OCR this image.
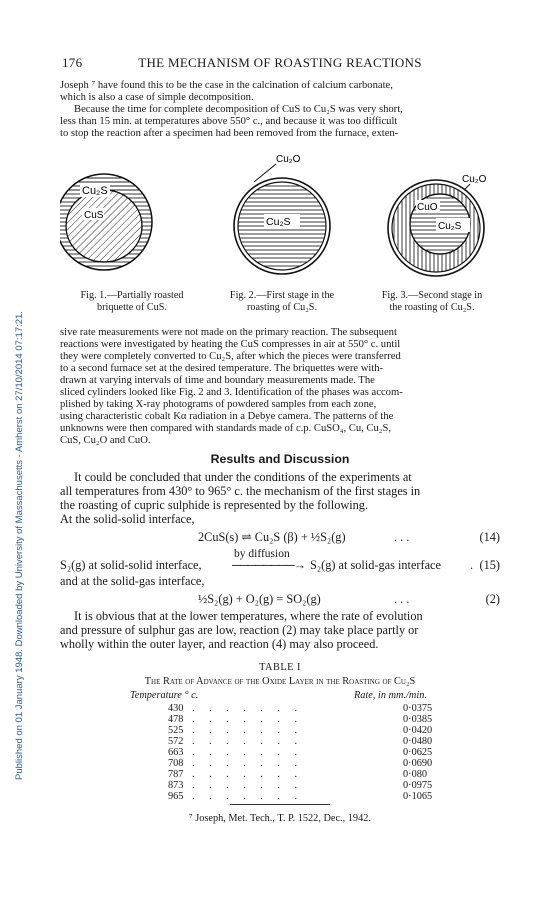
Published on 01 January 1948. Downloaded by University of Massachusetts - Amherst on 27/10/2014 07:17:21.
176	THE MECHANISM OF ROASTING REACTIONS

Joseph ⁷ have found this to be the case in the calcination of calcium carbonate,

which is also a case of simple decomposition.

Because the time for complete decomposition of CuS to Cu₂S was very short,

less than 15 min. at temperatures above 550° c., and because it was too difficult

to stop the reaction after a specimen had been removed from the furnace, exten-

Cu₂S
CuS
Cu₂O
Cu₂S
Cu₂O
CuO
Cu₂S
Fig. 1.—Partially roasted
briquette of CuS.
Fig. 2.—First stage in the
roasting of Cu₂S.
Fig. 3.—Second stage in
the roasting of Cu₂S.

sive rate measurements were not made on the primary reaction. The subsequent

reactions were investigated by heating the CuS compresses in air at 550° c. until

they were completely converted to Cu₂S, after which the pieces were transferred

to a second furnace set at the desired temperature. The briquettes were with-

drawn at varying intervals of time and boundary measurements made. The

sliced cylinders looked like Fig. 2 and 3. Identification of the phases was accom-

plished by taking X-ray photograms of powdered samples from each zone,

using characteristic cobalt Kα radiation in a Debye camera. The patterns of the

unknowns were then compared with standards made of c.p. CuSO₄, Cu, Cu₂S,

CuS, Cu₂O and CuO.

Results and Discussion

It could be concluded that under the conditions of the experiments at

all temperatures from 430° to 965° c. the mechanism of the first stages in

the roasting of cupric sulphide is represented by the following.

At the solid-solid interface,

2CuS(s) ⇌ Cu₂S (β) + ½S₂(g)	. . .	(14)
S₂(g) at solid-solid interface,
by diffusion
────────→ S₂(g) at solid-gas interface . (15)

and at the solid-gas interface,

½S₂(g) + O₂(g) = SO₂(g)	. . .	(2)

It is obvious that at the lower temperatures, where the rate of evolution

and pressure of sulphur gas are low, reaction (2) may take place partly or

wholly within the outer layer, and reaction (4) may also proceed.

TABLE I
The Rate of Advance of the Oxide Layer in the Roasting of Cu₂S
Temperature ° c.	Rate, in mm./min.
430 .......	0·0375
478 .......	0·0385
525 .......	0·0420
572 .......	0·0480
663 .......	0·0625
708 .......	0·0690
787 .......	0·080
873 .......	0·0975
965 .......	0·1065
⁷ Joseph, Met. Tech., T. P. 1522, Dec., 1942.
